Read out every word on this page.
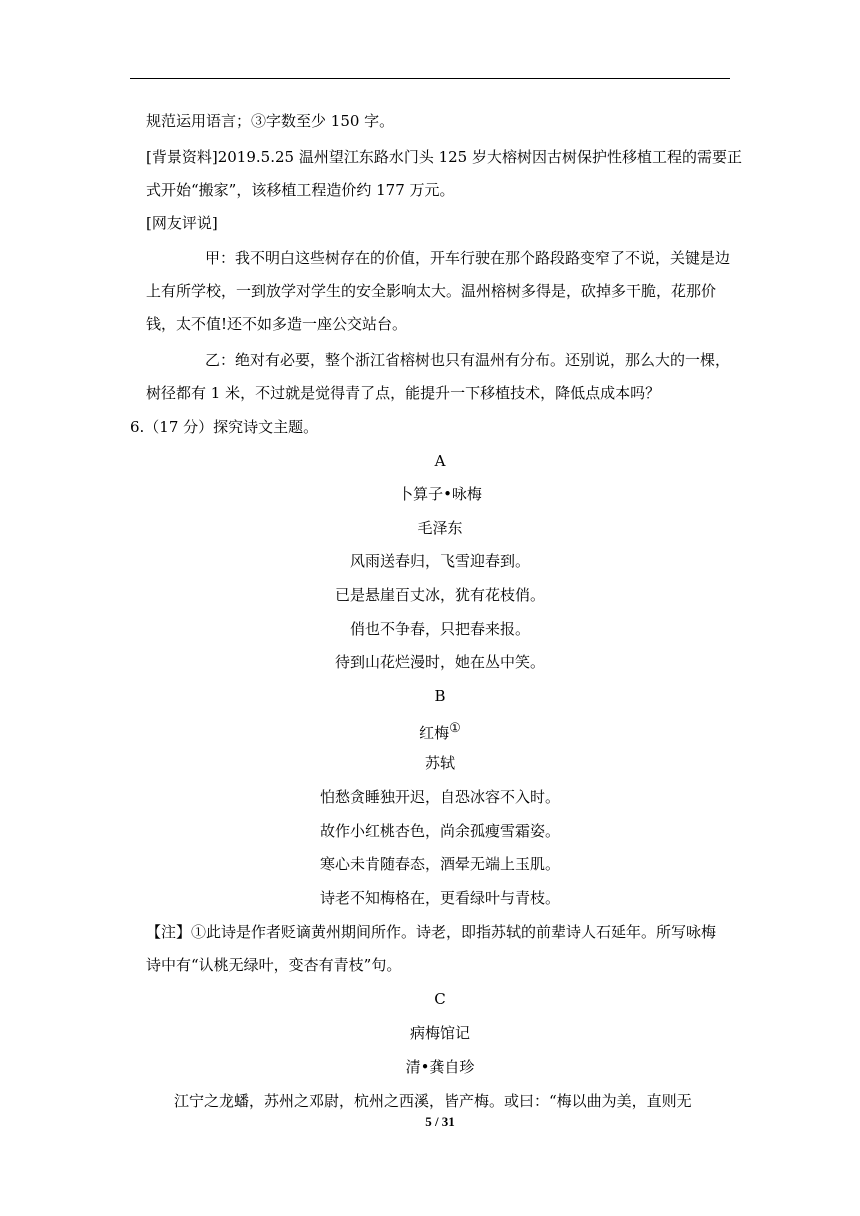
规范运用语言；③字数至少 150 字。
[背景资料]2019.5.25 温州望江东路水门头 125 岁大榕树因古树保护性移植工程的需要正
式开始“搬家”，该移植工程造价约 177 万元。
[网友评说]
甲：我不明白这些树存在的价值，开车行驶在那个路段路变窄了不说，关键是边
上有所学校，一到放学对学生的安全影响太大。温州榕树多得是，砍掉多干脆，花那价
钱，太不值!还不如多造一座公交站台。
乙：绝对有必要，整个浙江省榕树也只有温州有分布。还别说，那么大的一棵，
树径都有 1 米，不过就是觉得青了点，能提升一下移植技术，降低点成本吗？
6.（17 分）探究诗文主题。
A
卜算子•咏梅
毛泽东
风雨送春归，飞雪迎春到。
已是悬崖百丈冰，犹有花枝俏。
俏也不争春，只把春来报。
待到山花烂漫时，她在丛中笑。
B
红梅①
苏轼
怕愁贪睡独开迟，自恐冰容不入时。
故作小红桃杏色，尚余孤瘦雪霜姿。
寒心未肯随春态，酒晕无端上玉肌。
诗老不知梅格在，更看绿叶与青枝。
【注】①此诗是作者贬谪黄州期间所作。诗老，即指苏轼的前辈诗人石延年。所写咏梅
诗中有“认桃无绿叶，变杏有青枝”句。
C
病梅馆记
清•龚自珍
江宁之龙蟠，苏州之邓尉，杭州之西溪，皆产梅。或曰：“梅以曲为美，直则无
5 / 31
